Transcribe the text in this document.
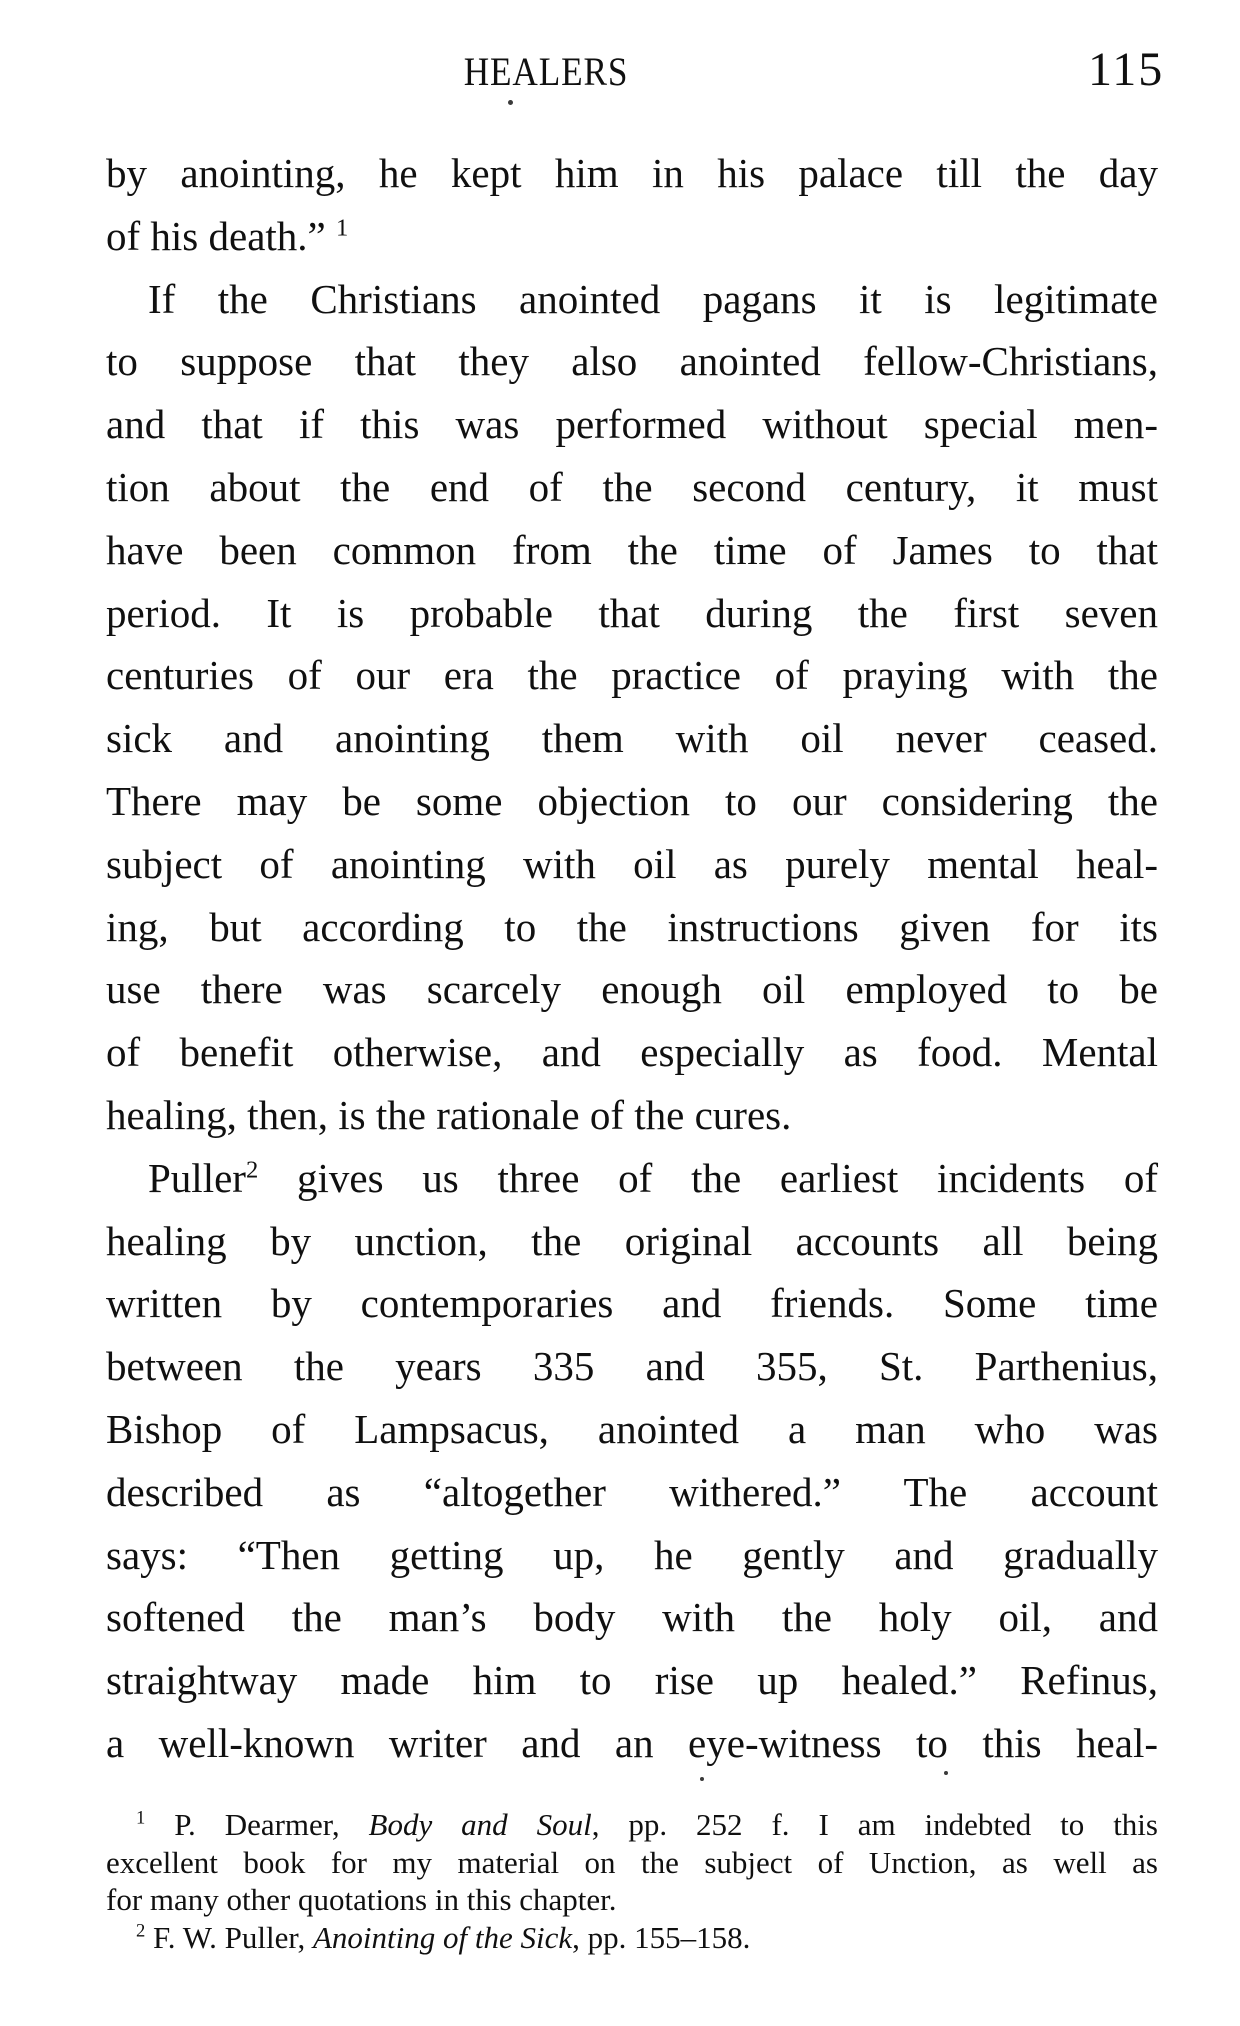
HEALERS	115
by anointing, he kept him in his palace till the day
of his death.” $^1$
If the Christians anointed pagans it is legitimate
to suppose that they also anointed fellow-Christians,
and that if this was performed without special men-
tion about the end of the second century, it must
have been common from the time of James to that
period. It is probable that during the first seven
centuries of our era the practice of praying with the
sick and anointing them with oil never ceased.
There may be some objection to our considering the
subject of anointing with oil as purely mental heal-
ing, but according to the instructions given for its
use there was scarcely enough oil employed to be
of benefit otherwise, and especially as food. Mental
healing, then, is the rationale of the cures.
Puller$^2$ gives us three of the earliest incidents of
healing by unction, the original accounts all being
written by contemporaries and friends. Some time
between the years 335 and 355, St. Parthenius,
Bishop of Lampsacus, anointed a man who was
described as “altogether withered.” The account
says: “Then getting up, he gently and gradually
softened the man’s body with the holy oil, and
straightway made him to rise up healed.” Refinus,
a well-known writer and an eye-witness to this heal-
$^1$ P. Dearmer, Body and Soul, pp. 252 f. I am indebted to this
excellent book for my material on the subject of Unction, as well as
for many other quotations in this chapter.
$^2$ F. W. Puller, Anointing of the Sick, pp. 155–158.
